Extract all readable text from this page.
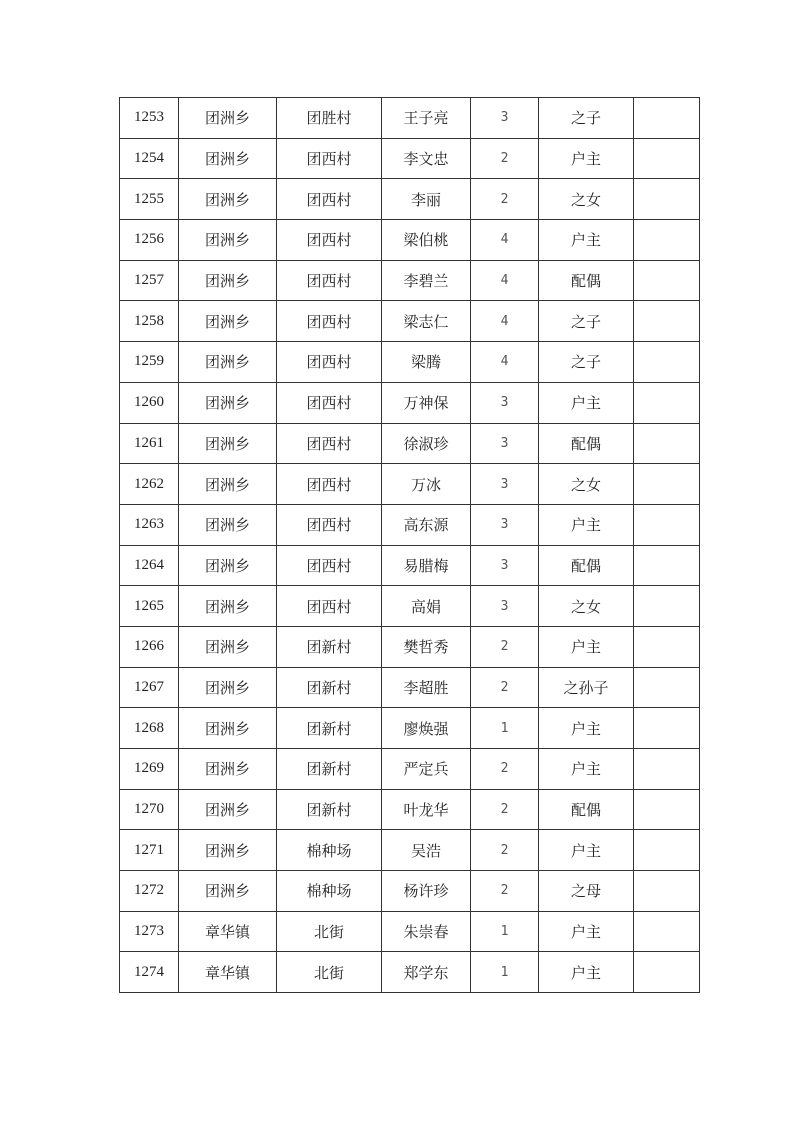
1253	团洲乡	团胜村	王子亮	3	之子	
1254	团洲乡	团西村	李文忠	2	户主	
1255	团洲乡	团西村	李丽	2	之女	
1256	团洲乡	团西村	梁伯桃	4	户主	
1257	团洲乡	团西村	李碧兰	4	配偶	
1258	团洲乡	团西村	梁志仁	4	之子	
1259	团洲乡	团西村	梁腾	4	之子	
1260	团洲乡	团西村	万神保	3	户主	
1261	团洲乡	团西村	徐淑珍	3	配偶	
1262	团洲乡	团西村	万冰	3	之女	
1263	团洲乡	团西村	高东源	3	户主	
1264	团洲乡	团西村	易腊梅	3	配偶	
1265	团洲乡	团西村	高娟	3	之女	
1266	团洲乡	团新村	樊哲秀	2	户主	
1267	团洲乡	团新村	李超胜	2	之孙子	
1268	团洲乡	团新村	廖焕强	1	户主	
1269	团洲乡	团新村	严定兵	2	户主	
1270	团洲乡	团新村	叶龙华	2	配偶	
1271	团洲乡	棉种场	吴浩	2	户主	
1272	团洲乡	棉种场	杨许珍	2	之母	
1273	章华镇	北街	朱崇春	1	户主	
1274	章华镇	北街	郑学东	1	户主	
